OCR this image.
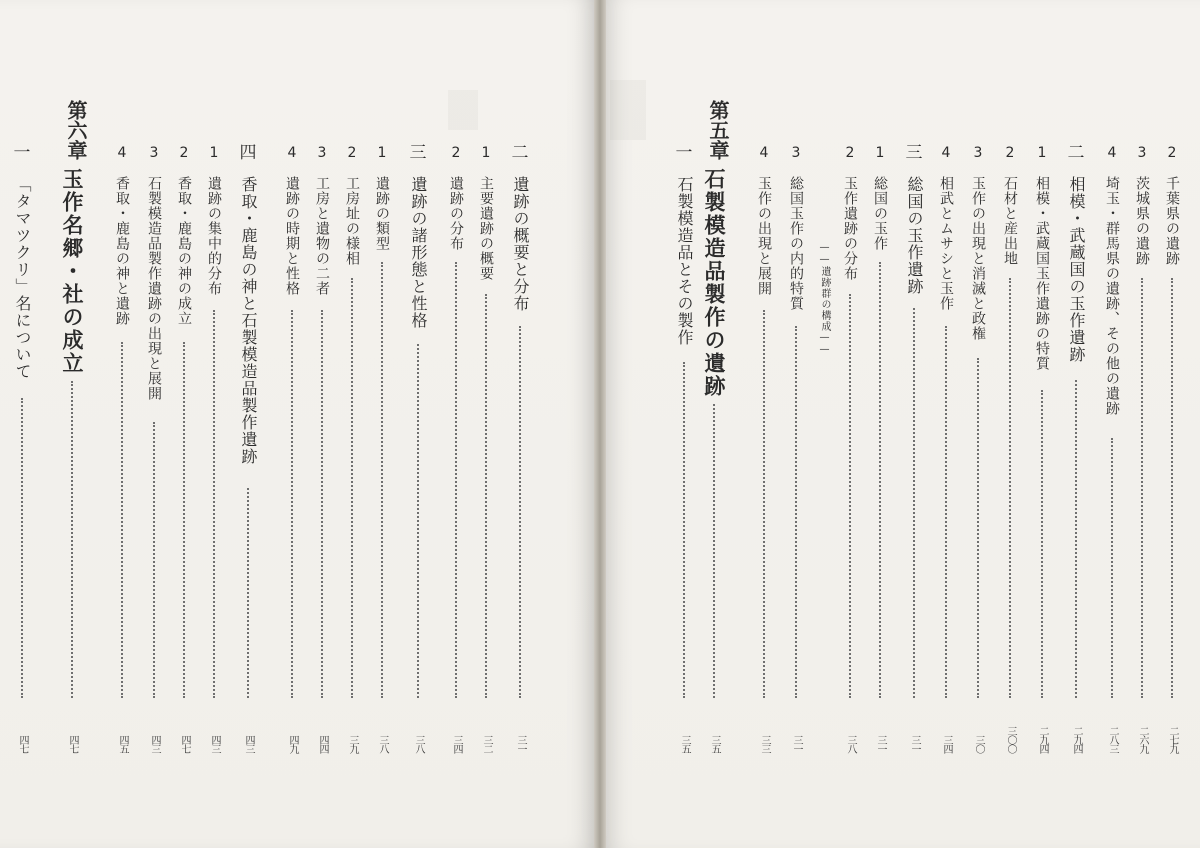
一
「タマツクリ」名について
四七
第六章
玉作名郷・社の成立
四七
4
香取・鹿島の神と遺跡
四五
3
石製模造品製作遺跡の出現と展開
四三
2
香取・鹿島の神の成立
四七
1
遺跡の集中的分布
四三
四
香取・鹿島の神と石製模造品製作遺跡
四三
4
遺跡の時期と性格
四九
3
工房と遺物の二者
四四
2
工房址の様相
三九
1
遺跡の類型
三八
三
遺跡の諸形態と性格
三八
2
遺跡の分布
三四
1
主要遺跡の概要
三二
二
遺跡の概要と分布
三一
一
石製模造品とその製作
三五
第五章
石製模造品製作の遺跡
三五
4
玉作の出現と展開
三三
3
総国玉作の内的特質
三一
——遺跡群の構成——
2
玉作遺跡の分布
三八
1
総国の玉作
三一
三
総国の玉作遺跡
三一
4
相武とムサシと玉作
三四
3
玉作の出現と消滅と政権
三〇
2
石材と産出地
三〇〇
1
相模・武蔵国玉作遺跡の特質
二九四
二
相模・武蔵国の玉作遺跡
二九四
4
埼玉・群馬県の遺跡、その他の遺跡
二八三
3
茨城県の遺跡
二六九
2
千葉県の遺跡
二七九
